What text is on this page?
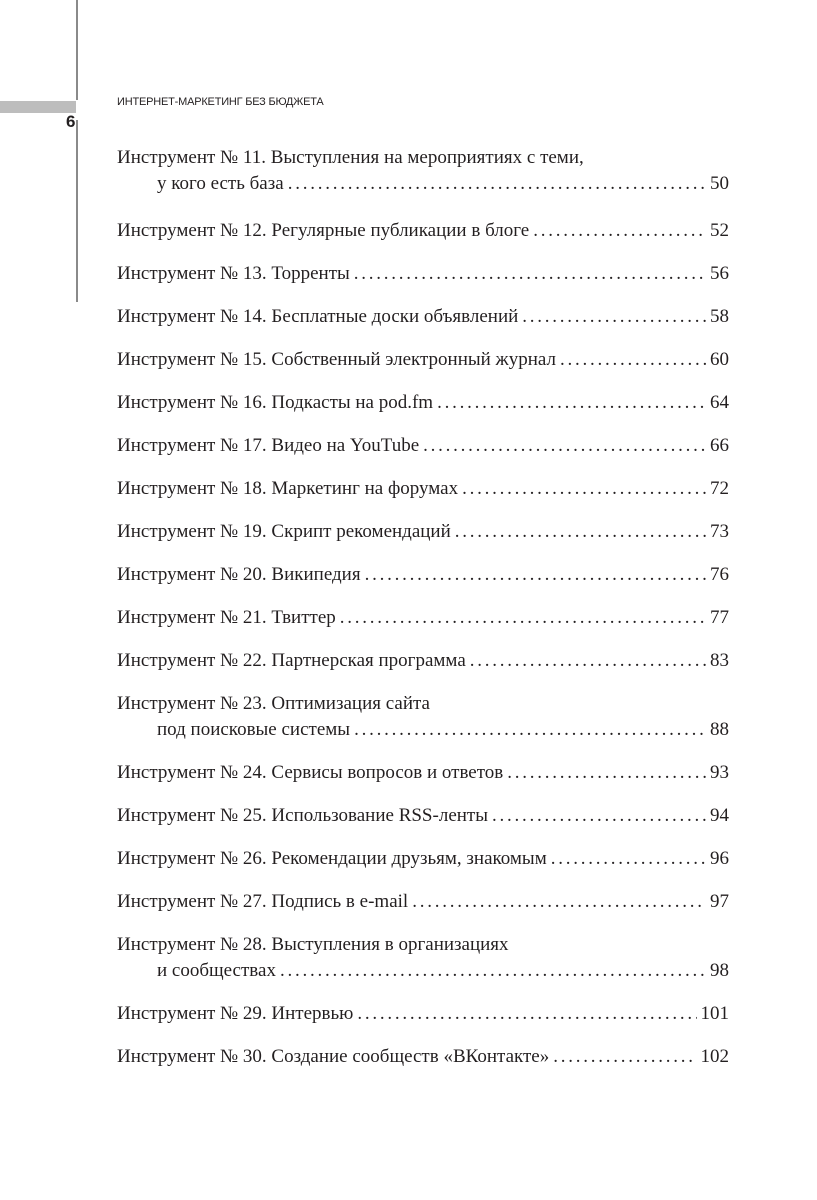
6
ИНТЕРНЕТ-МАРКЕТИНГ БЕЗ БЮДЖЕТА
Инструмент № 11. Выступления на мероприятиях с теми,
у кого есть база . . .	50
Инструмент № 12. Регулярные публикации в блоге . . .	52
Инструмент № 13. Торренты . . .	56
Инструмент № 14. Бесплатные доски объявлений . . .	58
Инструмент № 15. Собственный электронный журнал . . .	60
Инструмент № 16. Подкасты на pod.fm . . .	64
Инструмент № 17. Видео на YouTube . . .	66
Инструмент № 18. Маркетинг на форумах . . .	72
Инструмент № 19. Скрипт рекомендаций . . .	73
Инструмент № 20. Википедия . . .	76
Инструмент № 21. Твиттер . . .	77
Инструмент № 22. Партнерская программа . . .	83
Инструмент № 23. Оптимизация сайта
под поисковые системы . . .	88
Инструмент № 24. Сервисы вопросов и ответов . . .	93
Инструмент № 25. Использование RSS-ленты . . .	94
Инструмент № 26. Рекомендации друзьям, знакомым . . .	96
Инструмент № 27. Подпись в e-mail . . .	97
Инструмент № 28. Выступления в организациях
и сообществах . . .	98
Инструмент № 29. Интервью . . .	101
Инструмент № 30. Создание сообществ «ВКонтакте» . . .	102
